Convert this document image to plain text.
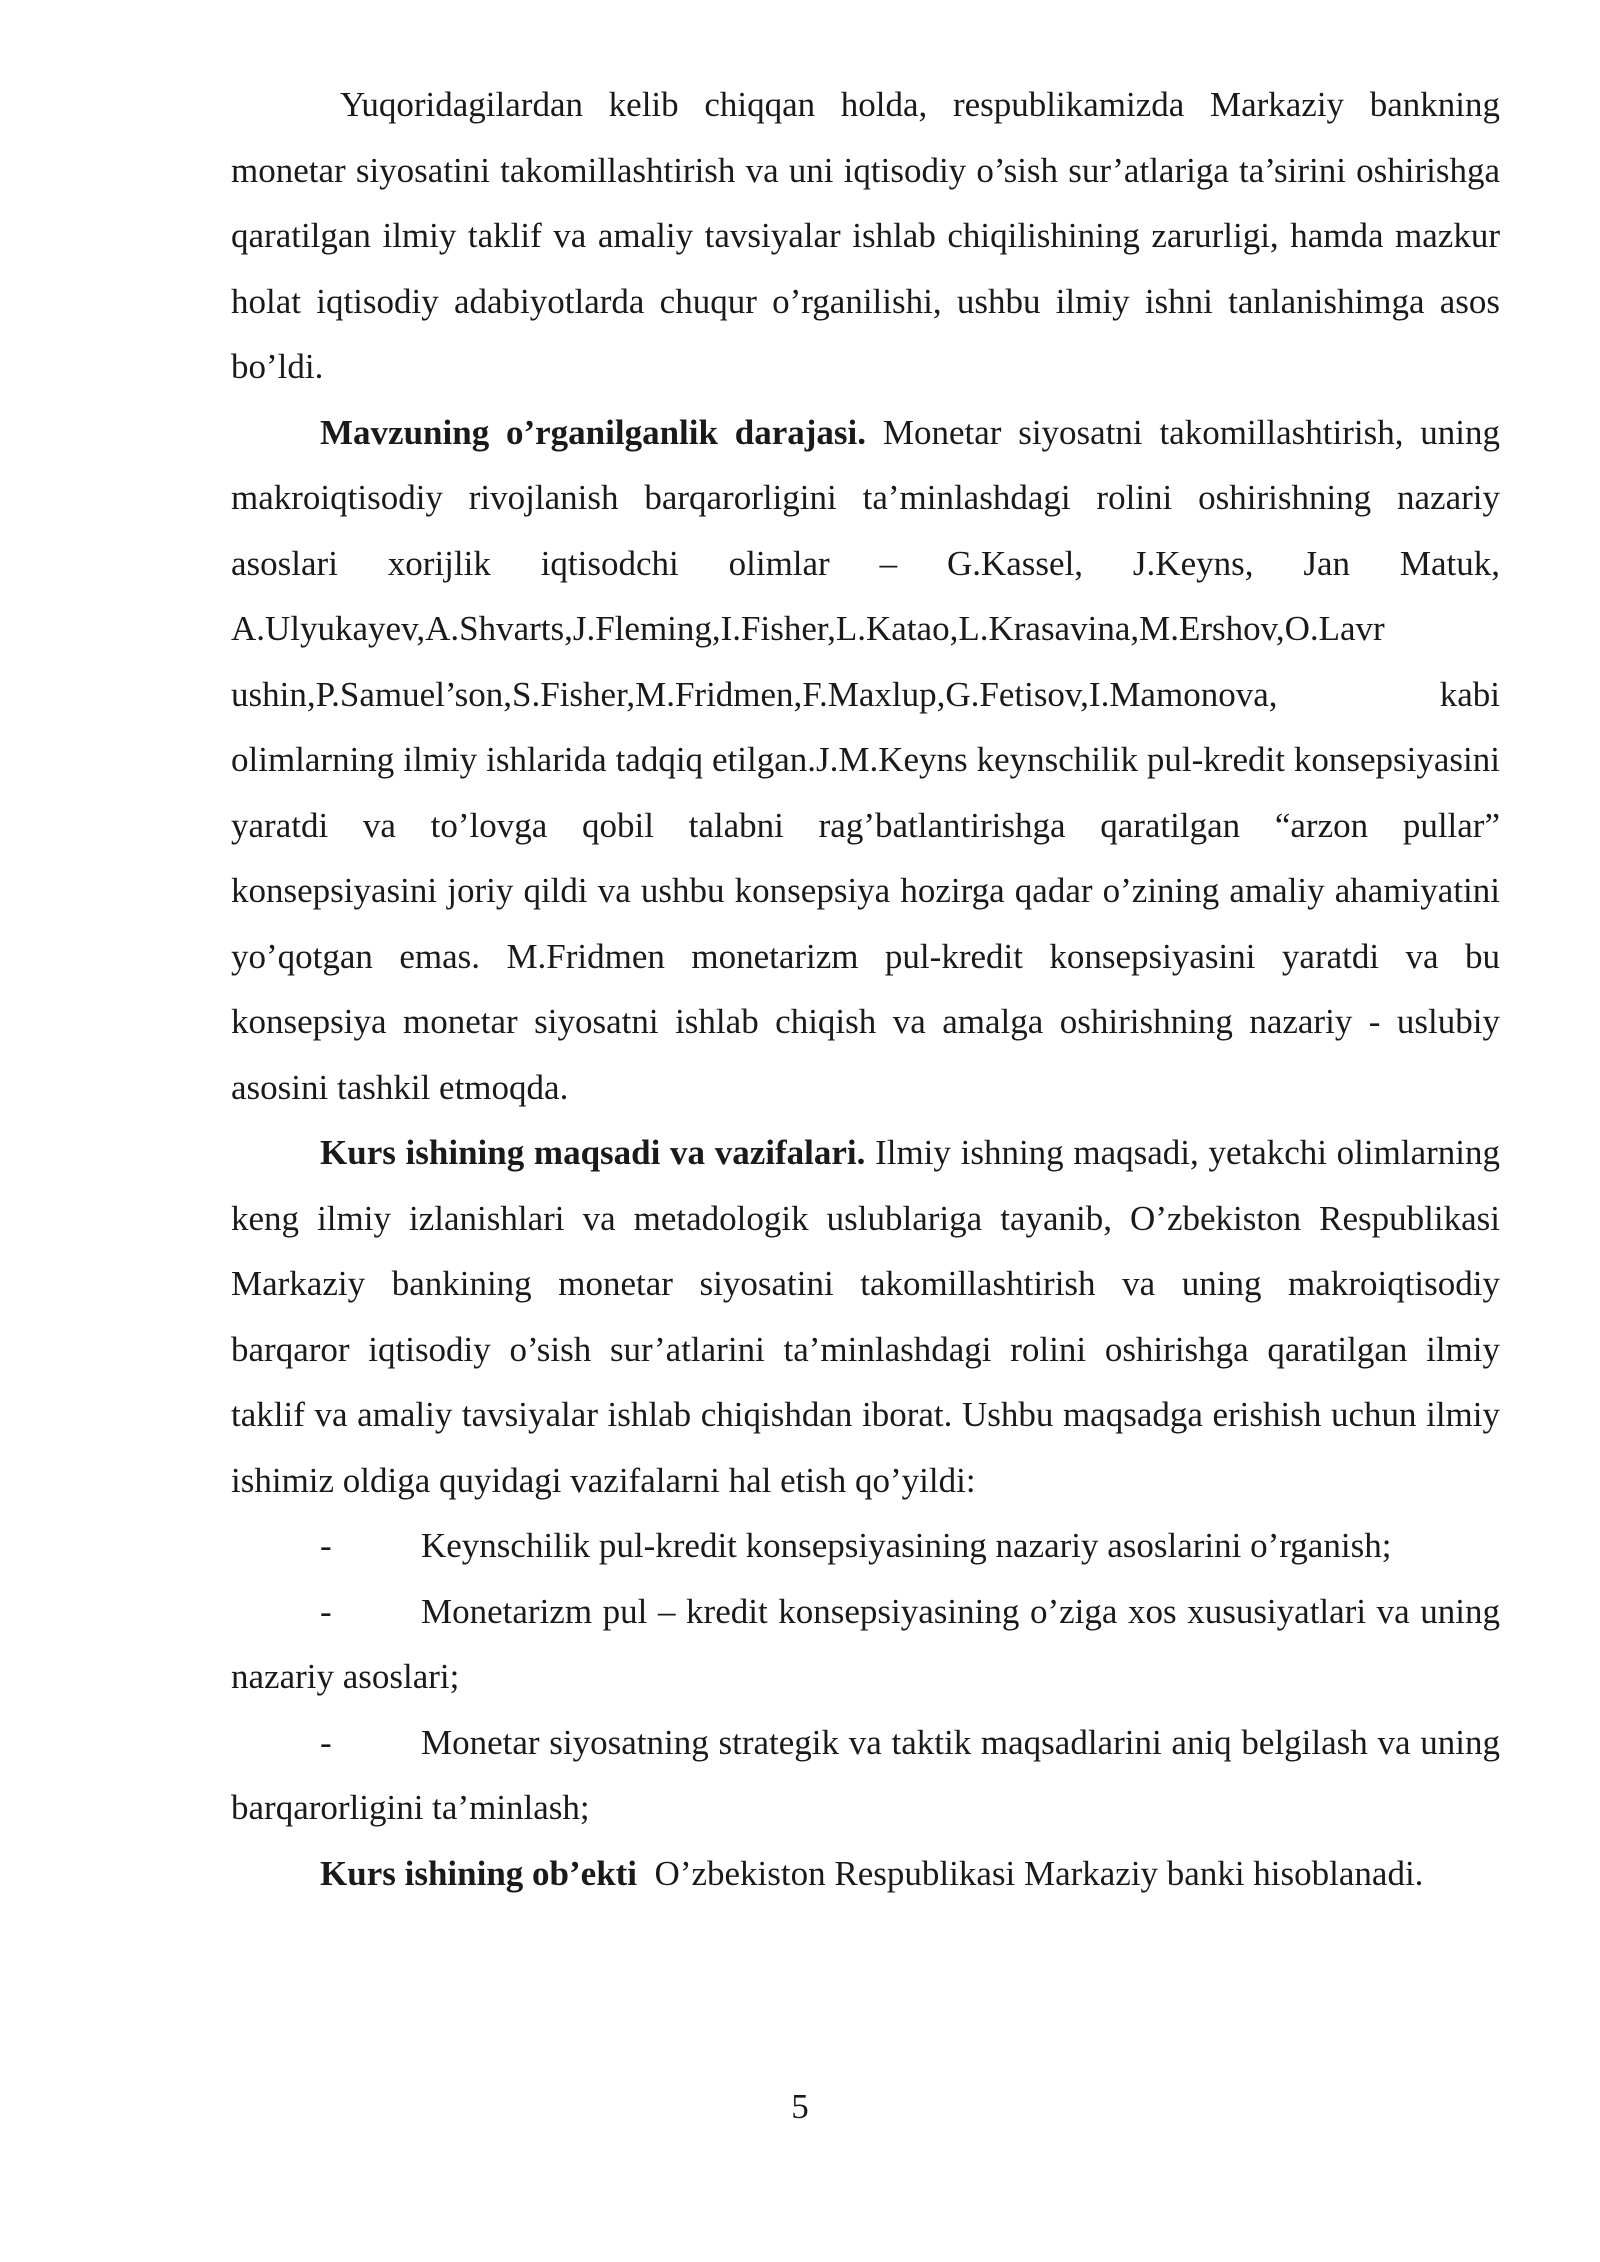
Yuqoridagilardan kelib chiqqan holda, respublikamizda Markaziy bankning monetar siyosatini takomillashtirish va uni iqtisodiy o’sish sur’atlariga ta’sirini oshirishga qaratilgan ilmiy taklif va amaliy tavsiyalar ishlab chiqilishining zarurligi, hamda mazkur holat iqtisodiy adabiyotlarda chuqur o’rganilishi, ushbu ilmiy ishni tanlanishimga asos bo’ldi.

Mavzuning o’rganilganlik darajasi. Monetar siyosatni takomillashtirish, uning makroiqtisodiy rivojlanish barqarorligini ta’minlashdagi rolini oshirishning nazariy asoslari xorijlik iqtisodchi olimlar – G.Kassel, J.Keyns, Jan Matuk, A.Ulyukayev,A.Shvarts,J.Fleming,I.Fisher,L.Katao,L.Krasavina,M.Ershov,O.Lavr ushin,P.Samuel’son,S.Fisher,M.Fridmen,F.Maxlup,G.Fetisov,I.Mamonova, kabi olimlarning ilmiy ishlarida tadqiq etilgan.J.M.Keyns keynschilik pul-kredit konsepsiyasini yaratdi va to’lovga qobil talabni rag’batlantirishga qaratilgan “arzon pullar” konsepsiyasini joriy qildi va ushbu konsepsiya hozirga qadar o’zining amaliy ahamiyatini yo’qotgan emas. M.Fridmen monetarizm pul-kredit konsepsiyasini yaratdi va bu konsepsiya monetar siyosatni ishlab chiqish va amalga oshirishning nazariy - uslubiy asosini tashkil etmoqda.

Kurs ishining maqsadi va vazifalari. Ilmiy ishning maqsadi, yetakchi olimlarning keng ilmiy izlanishlari va metadologik uslublariga tayanib, O’zbekiston Respublikasi Markaziy bankining monetar siyosatini takomillashtirish va uning makroiqtisodiy barqaror iqtisodiy o’sish sur’atlarini ta’minlashdagi rolini oshirishga qaratilgan ilmiy taklif va amaliy tavsiyalar ishlab chiqishdan iborat. Ushbu maqsadga erishish uchun ilmiy ishimiz oldiga quyidagi vazifalarni hal etish qo’yildi:

-	Keynschilik pul-kredit konsepsiyasining nazariy asoslarini o’rganish;

-	Monetarizm pul – kredit konsepsiyasining o’ziga xos xususiyatlari va uning nazariy asoslari;

-	Monetar siyosatning strategik va taktik maqsadlarini aniq belgilash va uning barqarorligini ta’minlash;

Kurs ishining ob’ekti  O’zbekiston Respublikasi Markaziy banki hisoblanadi.

5
